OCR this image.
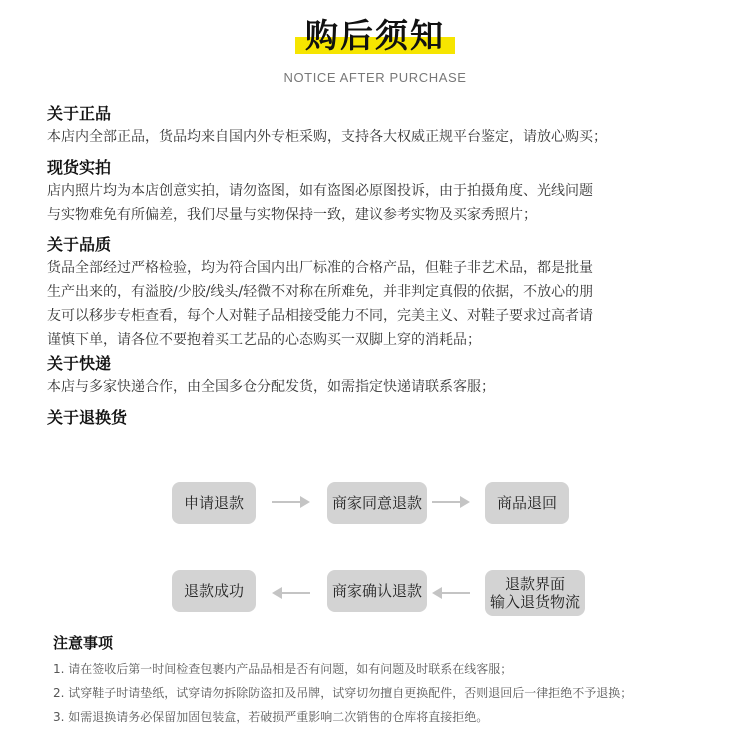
购后须知
NOTICE AFTER PURCHASE
关于正品
本店内全部正品，货品均来自国内外专柜采购，支持各大权威正规平台鉴定，请放心购买；
现货实拍
店内照片均为本店创意实拍，请勿盗图，如有盗图必原图投诉，由于拍摄角度、光线问题
与实物难免有所偏差，我们尽量与实物保持一致，建议参考实物及买家秀照片；
关于品质
货品全部经过严格检验，均为符合国内出厂标准的合格产品，但鞋子非艺术品，都是批量
生产出来的，有溢胶/少胶/线头/轻微不对称在所难免，并非判定真假的依据，不放心的朋
友可以移步专柜查看，每个人对鞋子品相接受能力不同，完美主义、对鞋子要求过高者请
谨慎下单，请各位不要抱着买工艺品的心态购买一双脚上穿的消耗品；
关于快递
本店与多家快递合作，由全国多仓分配发货，如需指定快递请联系客服；
关于退换货
申请退款	商家同意退款	商品退回
退款界面
输入退货物流
商家确认退款
退款成功
注意事项
1. 请在签收后第一时间检查包裹内产品品相是否有问题，如有问题及时联系在线客服；
2. 试穿鞋子时请垫纸，试穿请勿拆除防盗扣及吊牌，试穿切勿擅自更换配件，否则退回后一律拒绝不予退换；
3. 如需退换请务必保留加固包装盒，若破损严重影响二次销售的仓库将直接拒绝。
